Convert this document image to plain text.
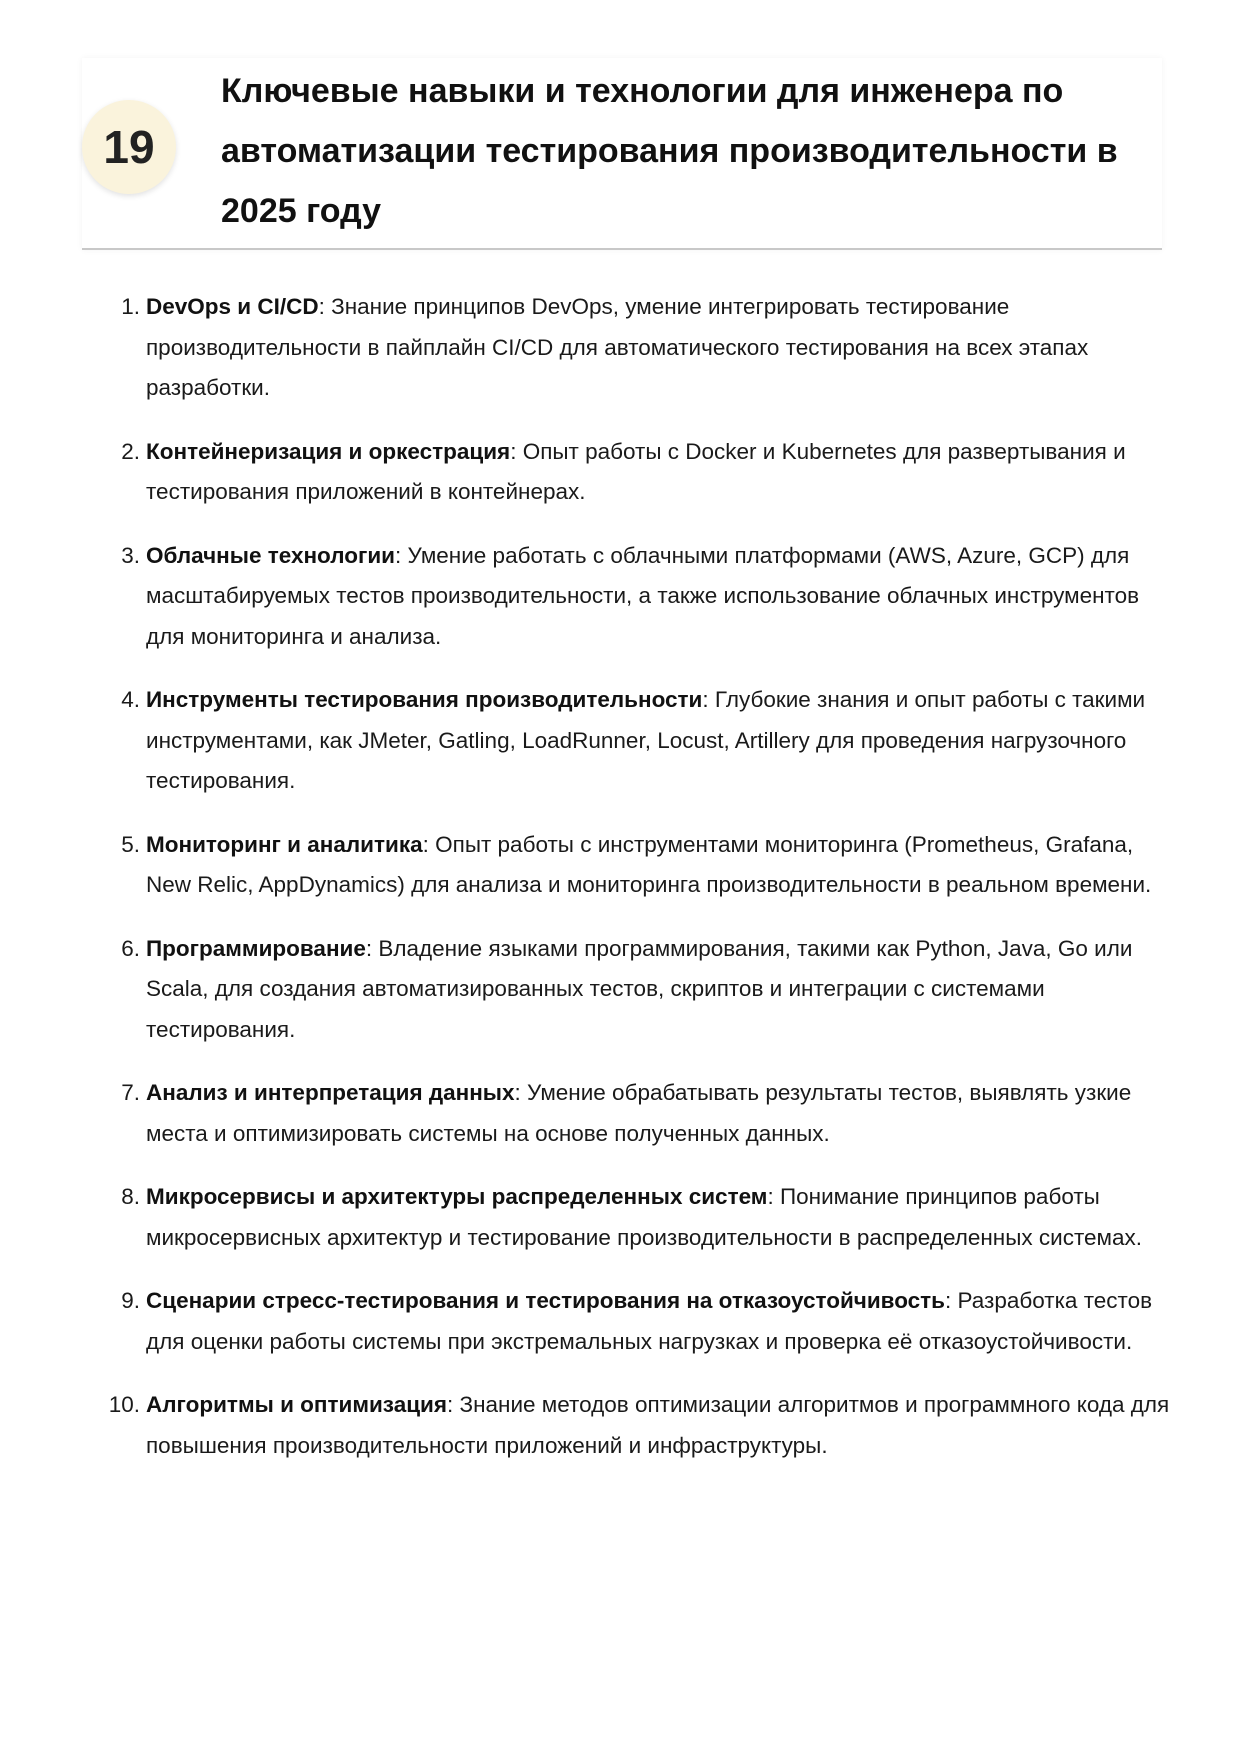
19
Ключевые навыки и технологии для инженера по автоматизации тестирования производительности в 2025 году
1. DevOps и CI/CD: Знание принципов DevOps, умение интегрировать тестирование производительности в пайплайн CI/CD для автоматического тестирования на всех этапах разработки.
2. Контейнеризация и оркестрация: Опыт работы с Docker и Kubernetes для развертывания и тестирования приложений в контейнерах.
3. Облачные технологии: Умение работать с облачными платформами (AWS, Azure, GCP) для масштабируемых тестов производительности, а также использование облачных инструментов для мониторинга и анализа.
4. Инструменты тестирования производительности: Глубокие знания и опыт работы с такими инструментами, как JMeter, Gatling, LoadRunner, Locust, Artillery для проведения нагрузочного тестирования.
5. Мониторинг и аналитика: Опыт работы с инструментами мониторинга (Prometheus, Grafana, New Relic, AppDynamics) для анализа и мониторинга производительности в реальном времени.
6. Программирование: Владение языками программирования, такими как Python, Java, Go или Scala, для создания автоматизированных тестов, скриптов и интеграции с системами тестирования.
7. Анализ и интерпретация данных: Умение обрабатывать результаты тестов, выявлять узкие места и оптимизировать системы на основе полученных данных.
8. Микросервисы и архитектуры распределенных систем: Понимание принципов работы микросервисных архитектур и тестирование производительности в распределенных системах.
9. Сценарии стресс-тестирования и тестирования на отказоустойчивость: Разработка тестов для оценки работы системы при экстремальных нагрузках и проверка её отказоустойчивости.
10. Алгоритмы и оптимизация: Знание методов оптимизации алгоритмов и программного кода для повышения производительности приложений и инфраструктуры.
